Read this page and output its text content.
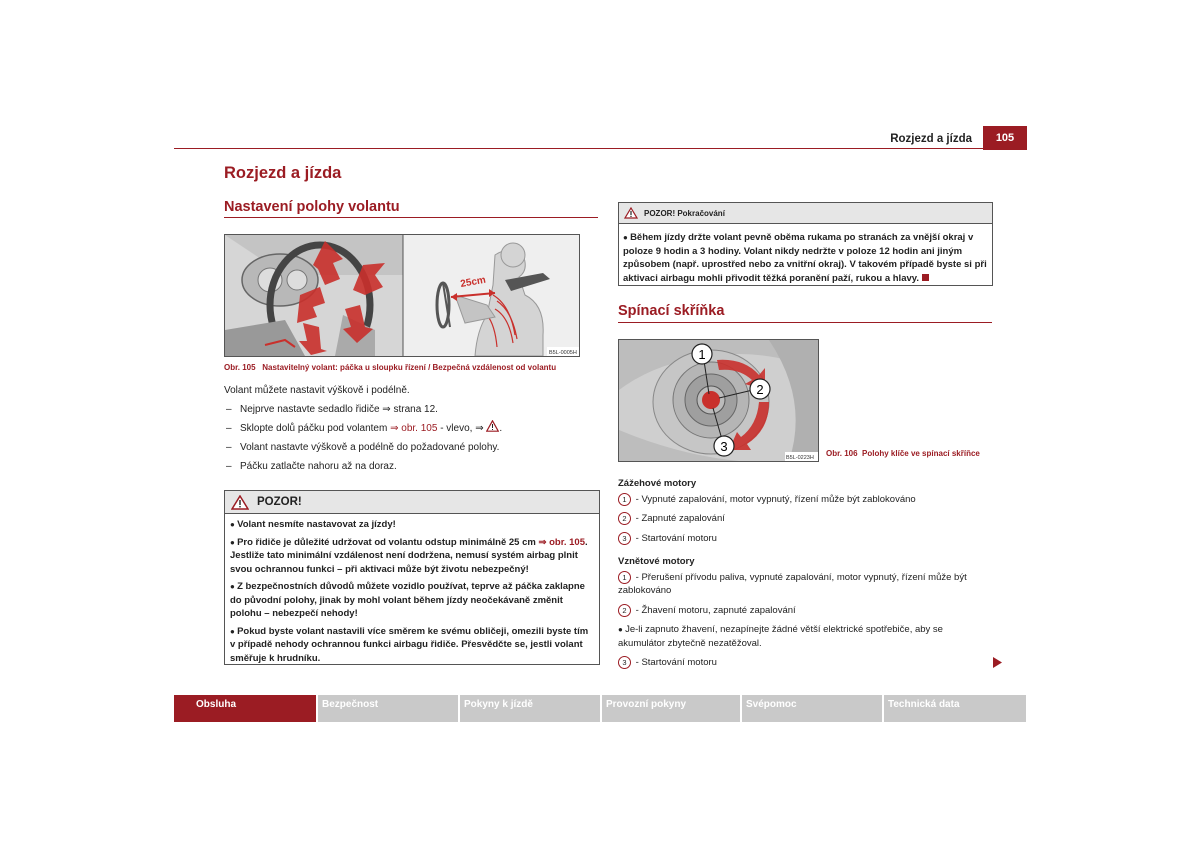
Rozjezd a jízda	105
Rozjezd a jízda
Nastavení polohy volantu
25cm
B5L-0005H
Obr. 105 Nastavitelný volant: páčka u sloupku řízení / Bezpečná vzdálenost od volantu

Volant můžete nastavit výškově i podélně.

– Nejprve nastavte sedadlo řidiče ⇒ strana 12.

– Sklopte dolů páčku pod volantem ⇒ obr. 105 - vlevo, ⇒ .

– Volant nastavte výškově a podélně do požadované polohy.

– Páčku zatlačte nahoru až na doraz.

POZOR!

● Volant nesmíte nastavovat za jízdy!

● Pro řidiče je důležité udržovat od volantu odstup minimálně 25 cm ⇒ obr. 105. Jestliže tato minimální vzdálenost není dodržena, nemusí systém airbag plnit svou ochrannou funkci – při aktivaci může být životu nebezpečný!

● Z bezpečnostních důvodů můžete vozidlo používat, teprve až páčka zaklapne do původní polohy, jinak by mohl volant během jízdy neočekávaně změnit polohu – nebezpečí nehody!

● Pokud byste volant nastavili více směrem ke svému obličeji, omezili byste tím v případě nehody ochrannou funkci airbagu řidiče. Přesvědčte se, jestli volant směřuje k hrudníku.

POZOR! Pokračování

● Během jízdy držte volant pevně oběma rukama po stranách za vnější okraj v poloze 9 hodin a 3 hodiny. Volant nikdy nedržte v poloze 12 hodin ani jiným způsobem (např. uprostřed nebo za vnitřní okraj). V takovém případě byste si při aktivaci airbagu mohli přivodit těžká poranění paží, rukou a hlavy.

Spínací skříňka
1
2
3
B5L-0223H Obr. 106 Polohy klíče ve spínací skříňce

Zážehové motory

1 - Vypnuté zapalování, motor vypnutý, řízení může být zablokováno

2 - Zapnuté zapalování

3 - Startování motoru

Vznětové motory

1 - Přerušení přívodu paliva, vypnuté zapalování, motor vypnutý, řízení může být zablokováno

2 - Žhavení motoru, zapnuté zapalování

● Je-li zapnuto žhavení, nezapínejte žádné větší elektrické spotřebiče, aby se akumulátor zbytečně nezatěžoval.

3 - Startování motoru

Obsluha	Bezpečnost	Pokyny k jízdě	Provozní pokyny	Svépomoc	Technická data
